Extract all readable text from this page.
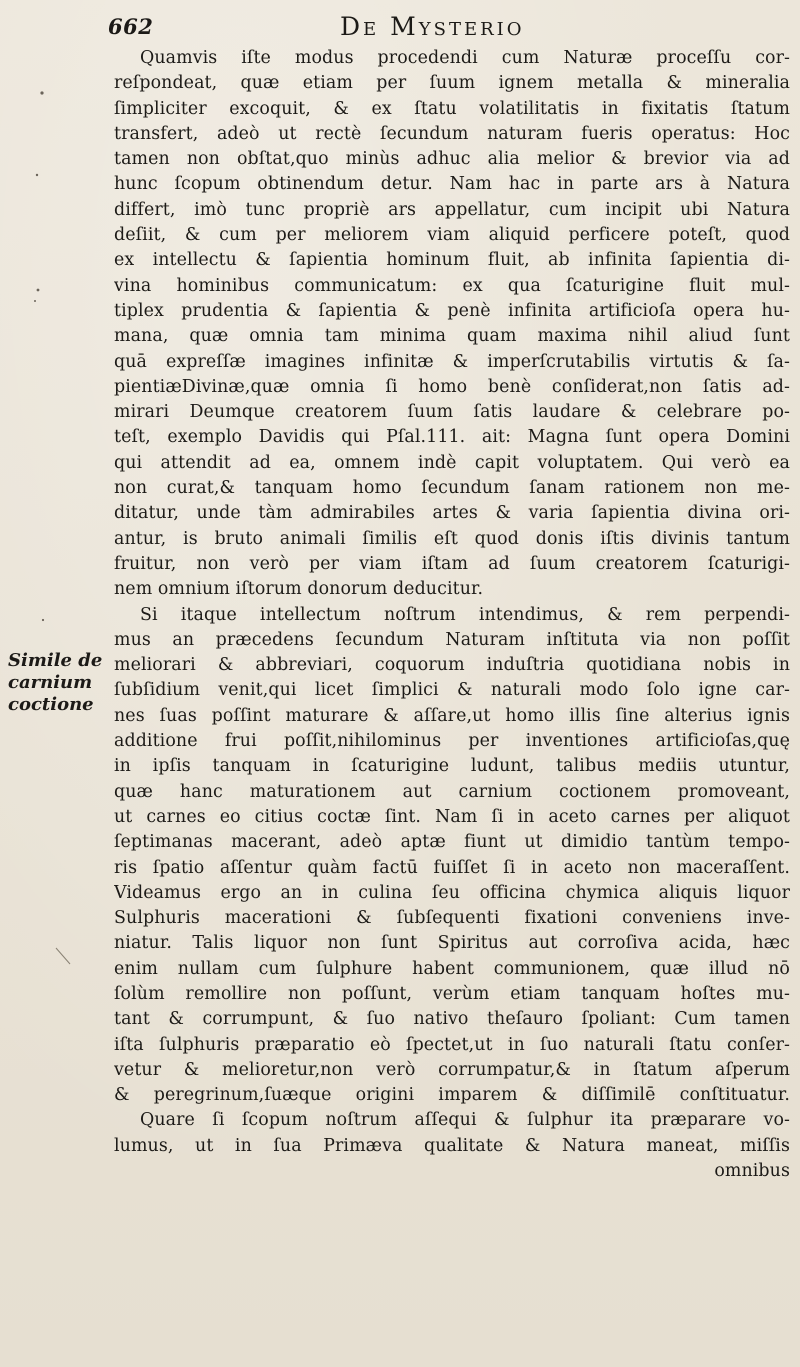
662	De Mysterio
Simile de
carnium
coctione
Quamvis iſte modus procedendi cum Naturæ proceſſu cor-
reſpondeat, quæ etiam per ſuum ignem metalla & mineralia
ſimpliciter excoquit, & ex ſtatu volatilitatis in fixitatis ſtatum
transfert, adeò ut rectè ſecundum naturam fueris operatus: Hoc
tamen non obſtat,quo minùs adhuc alia melior & brevior via ad
hunc ſcopum obtinendum detur. Nam hac in parte ars à Natura
differt, imò tunc propriè ars appellatur, cum incipit ubi Natura
deſiit, & cum per meliorem viam aliquid perficere poteſt, quod
ex intellectu & ſapientia hominum fluit, ab infinita ſapientia di-
vina hominibus communicatum: ex qua ſcaturigine fluit mul-
tiplex prudentia & ſapientia & penè infinita artificioſa opera hu-
mana, quæ omnia tam minima quam maxima nihil aliud ſunt
quā expreſſæ imagines infinitæ & imperſcrutabilis virtutis & ſa-
pientiæDivinæ,quæ omnia ſi homo benè conſiderat,non ſatis ad-
mirari Deumque creatorem ſuum ſatis laudare & celebrare po-
teſt, exemplo Davidis qui Pſal.111. ait: Magna ſunt opera Domini
qui attendit ad ea, omnem indè capit voluptatem. Qui verò ea
non curat,& tanquam homo ſecundum ſanam rationem non me-
ditatur, unde tàm admirabiles artes & varia ſapientia divina ori-
antur, is bruto animali ſimilis eſt quod donis iſtis divinis tantum
fruitur, non verò per viam iſtam ad ſuum creatorem ſcaturigi-
nem omnium iſtorum donorum deducitur.
Si itaque intellectum noſtrum intendimus, & rem perpendi-
mus an præcedens ſecundum Naturam inſtituta via non poſſit
meliorari & abbreviari, coquorum induſtria quotidiana nobis in
ſubſidium venit,qui licet ſimplici & naturali modo ſolo igne car-
nes ſuas poſſint maturare & aſſare,ut homo illis ſine alterius ignis
additione frui poſſit,nihilominus per inventiones artificioſas,quę
in ipſis tanquam in ſcaturigine ludunt, talibus mediis utuntur,
quæ hanc maturationem aut carnium coctionem promoveant,
ut carnes eo citius coctæ ſint. Nam ſi in aceto carnes per aliquot
ſeptimanas macerant, adeò aptæ fiunt ut dimidio tantùm tempo-
ris ſpatio aſſentur quàm factū fuiſſet ſi in aceto non maceraſſent.
Videamus ergo an in culina ſeu officina chymica aliquis liquor
Sulphuris macerationi & ſubſequenti fixationi conveniens inve-
niatur. Talis liquor non ſunt Spiritus aut corroſiva acida, hæc
enim nullam cum ſulphure habent communionem, quæ illud nō
ſolùm remollire non poſſunt, verùm etiam tanquam hoſtes mu-
tant & corrumpunt, & ſuo nativo theſauro ſpoliant: Cum tamen
iſta ſulphuris præparatio eò ſpectet,ut in ſuo naturali ſtatu conſer-
vetur & melioretur,non verò corrumpatur,& in ſtatum aſperum
& peregrinum,ſuæque origini imparem & diſſimilē conſtituatur.
Quare ſi ſcopum noſtrum aſſequi & ſulphur ita præparare vo-
lumus, ut in ſua Primæva qualitate & Natura maneat, miſſis
omnibus
